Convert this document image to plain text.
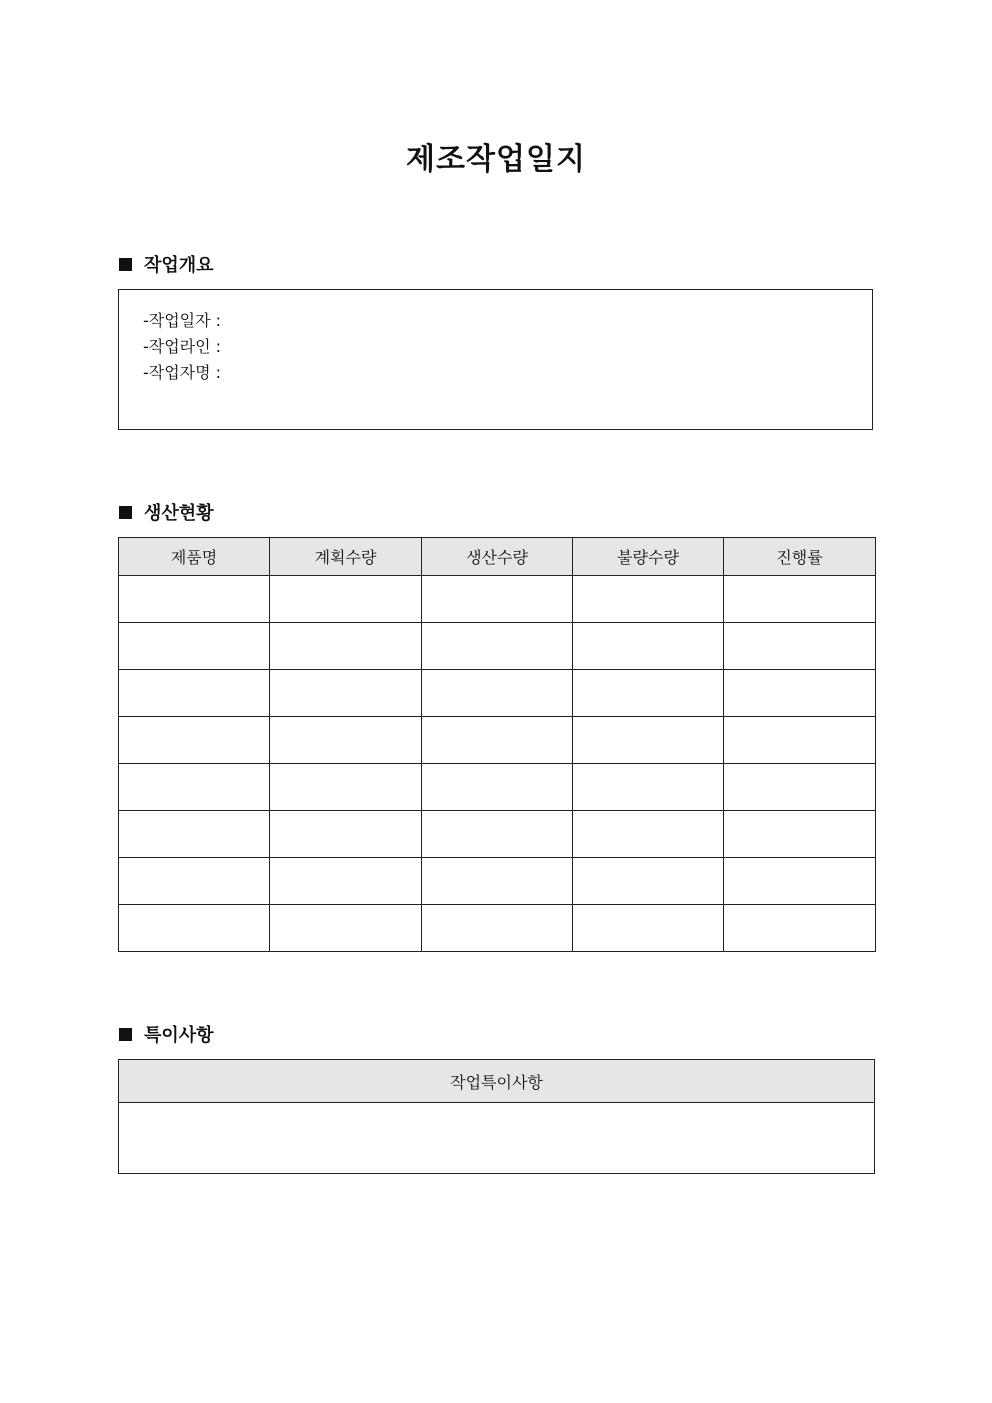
제조작업일지
작업개요
-작업일자 :
-작업라인 :
-작업자명 :
생산현황
제품명	계획수량	생산수량	불량수량	진행률

특이사항
작업특이사항
